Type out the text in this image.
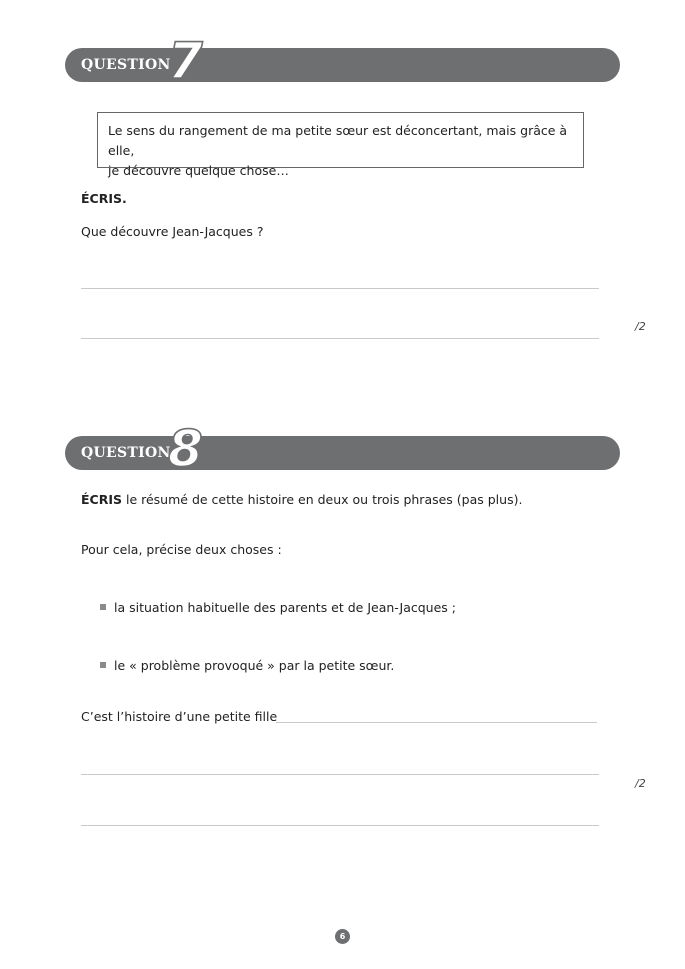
QUESTION
7
Le sens du rangement de ma petite sœur est déconcertant, mais grâce à elle,
je découvre quelque chose…
ÉCRIS.
Que découvre Jean-Jacques ?
/2
QUESTION
8
ÉCRIS le résumé de cette histoire en deux ou trois phrases (pas plus).
Pour cela, précise deux choses :
la situation habituelle des parents et de Jean-Jacques ;
le « problème provoqué » par la petite sœur.
C’est l’histoire d’une petite fille
/2
6
